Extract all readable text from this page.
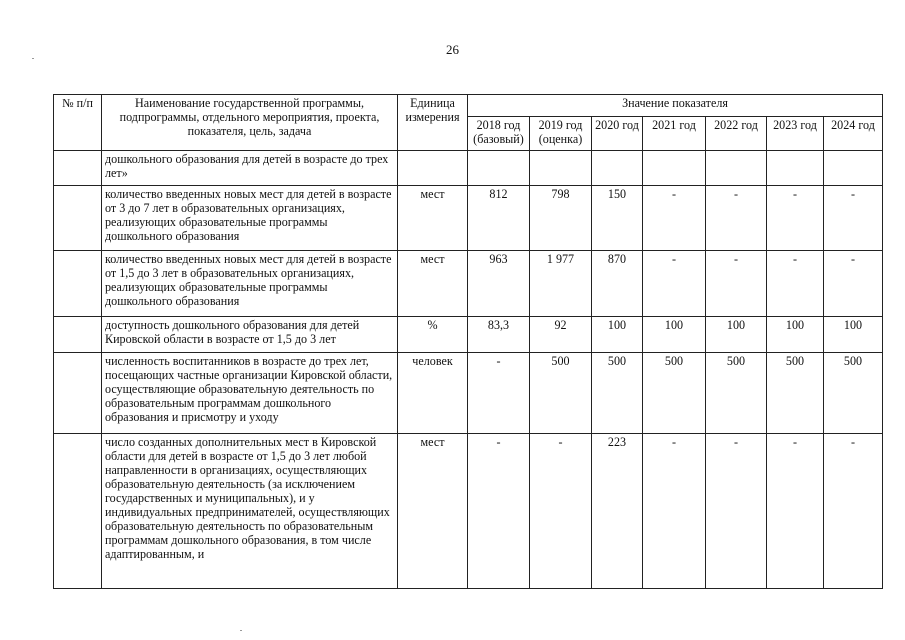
26
№ п/п	Наименование государственной программы, подпрограммы, отдельного мероприятия, проекта, показателя, цель, задача	Единица измерения	Значение показателя						
			2018 год (базовый)	2019 год (оценка)	2020 год	2021 год	2022 год	2023 год	2024 год
	дошкольного образования для детей в возрасте до трех лет»								
	количество введенных новых мест для детей в возрасте от 3 до 7 лет в образовательных организациях, реализующих образовательные программы дошкольного образования	мест	812	798	150	-	-	-	-
	количество введенных новых мест для детей в возрасте от 1,5 до 3 лет в образовательных организациях, реализующих образовательные программы дошкольного образования	мест	963	1 977	870	-	-	-	-
	доступность дошкольного образования для детей Кировской области в возрасте от 1,5 до 3 лет	%	83,3	92	100	100	100	100	100
	численность воспитанников в возрасте до трех лет, посещающих частные организации Кировской области, осуществляющие образовательную деятельность по образовательным программам дошкольного образования и присмотру и уходу	человек	-	500	500	500	500	500	500
	число созданных дополнительных мест в Кировской области для детей в возрасте от 1,5 до 3 лет любой направленности в организациях, осуществляющих образовательную деятельность (за исключением государственных и муниципальных), и у индивидуальных предпринимателей, осуществляющих образовательную деятельность по образовательным программам дошкольного образования, в том числе адаптированным, и	мест	-	-	223	-	-	-	-
